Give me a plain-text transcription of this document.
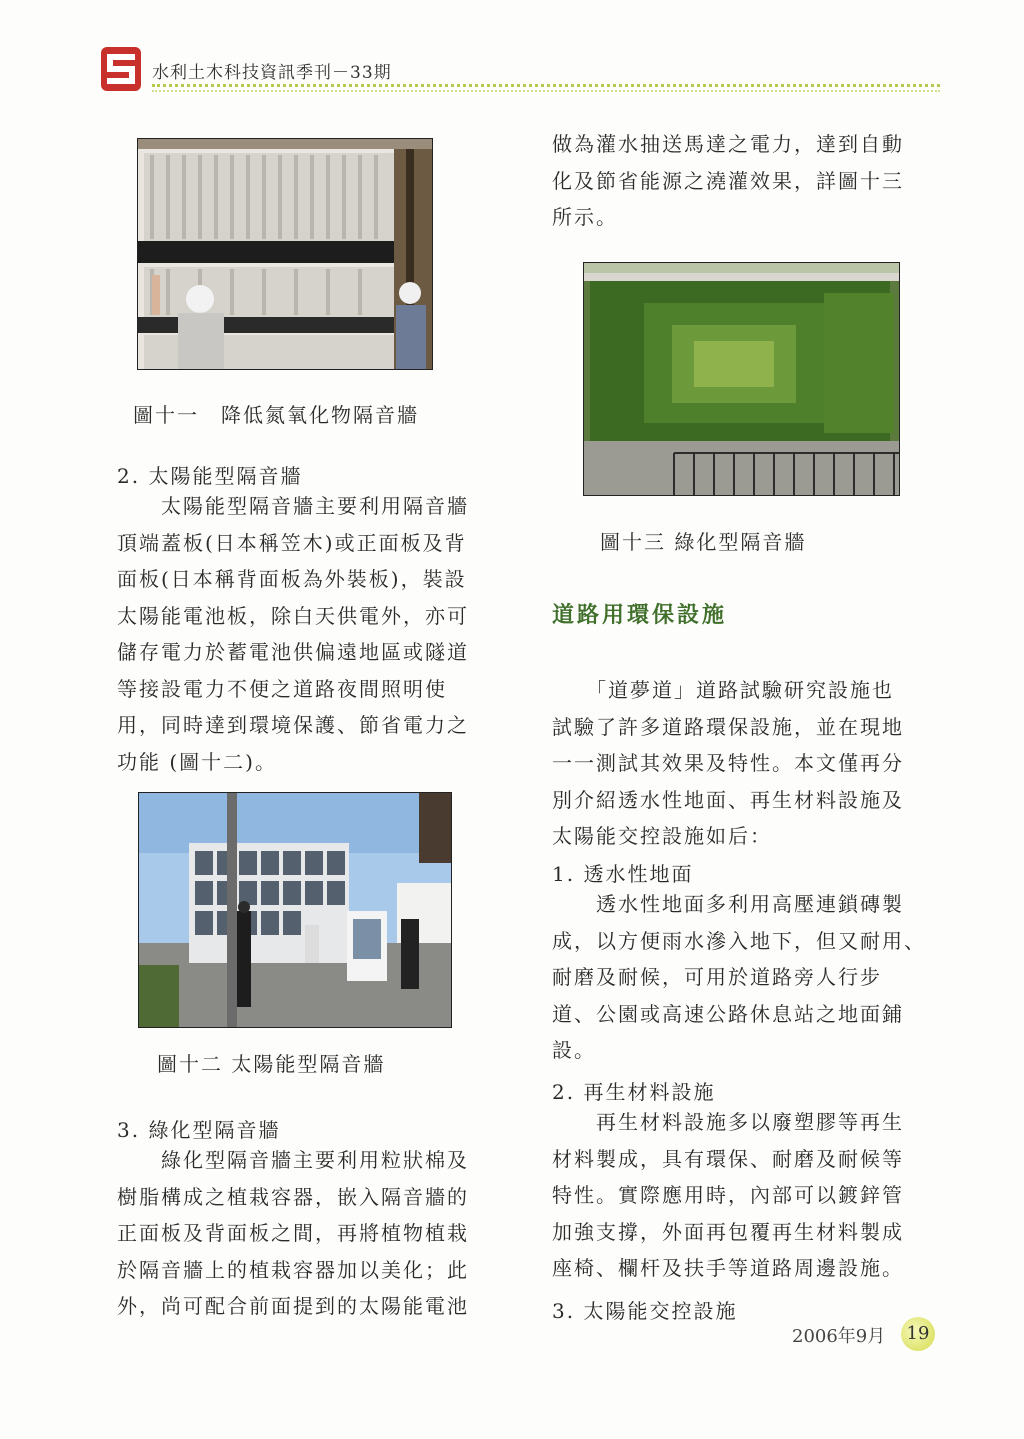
水利土木科技資訊季刊－33期
圖十一　降低氮氧化物隔音牆
2. 太陽能型隔音牆
　　太陽能型隔音牆主要利用隔音牆
頂端蓋板(日本稱笠木)或正面板及背
面板(日本稱背面板為外裝板)，裝設
太陽能電池板，除白天供電外，亦可
儲存電力於蓄電池供偏遠地區或隧道
等接設電力不便之道路夜間照明使
用，同時達到環境保護、節省電力之
功能 (圖十二)。
圖十二 太陽能型隔音牆
3. 綠化型隔音牆
　　綠化型隔音牆主要利用粒狀棉及
樹脂構成之植栽容器，嵌入隔音牆的
正面板及背面板之間，再將植物植栽
於隔音牆上的植栽容器加以美化；此
外，尚可配合前面提到的太陽能電池
做為灌水抽送馬達之電力，達到自動
化及節省能源之澆灌效果，詳圖十三
所示。
圖十三 綠化型隔音牆
道路用環保設施
　　「道夢道」道路試驗研究設施也
試驗了許多道路環保設施，並在現地
一一測試其效果及特性。本文僅再分
別介紹透水性地面、再生材料設施及
太陽能交控設施如后：
1. 透水性地面
　　透水性地面多利用高壓連鎖磚製
成，以方便雨水滲入地下，但又耐用、
耐磨及耐候，可用於道路旁人行步
道、公園或高速公路休息站之地面鋪
設。
2. 再生材料設施
　　再生材料設施多以廢塑膠等再生
材料製成，具有環保、耐磨及耐候等
特性。實際應用時，內部可以鍍鋅管
加強支撐，外面再包覆再生材料製成
座椅、欄杆及扶手等道路周邊設施。
3. 太陽能交控設施
2006年9月	19
